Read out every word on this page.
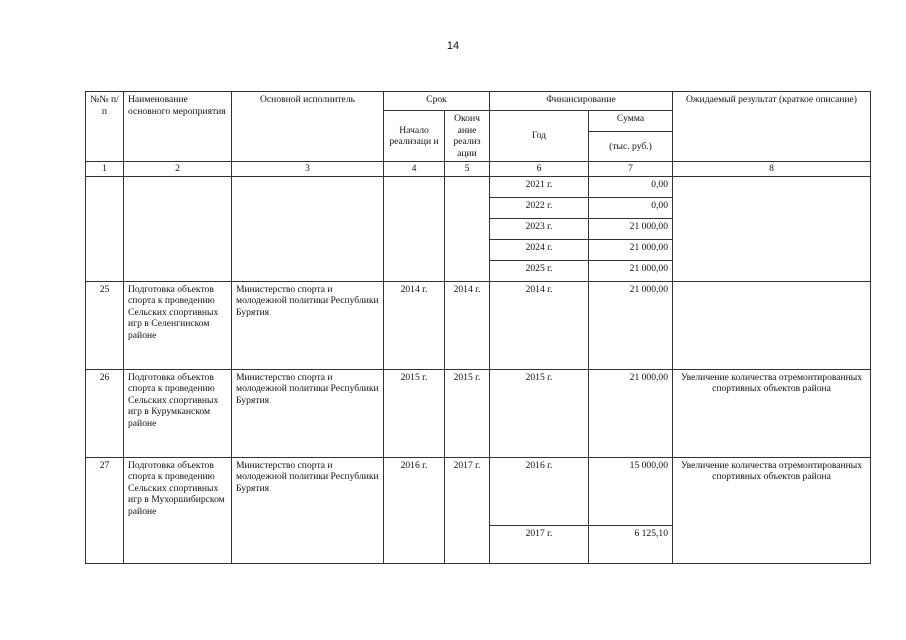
14
№№ п/п	Наименование основного мероприятия	Основной исполнитель	Срок		Финансирование		Ожидаемый результат (краткое описание)
			Начало реализаци и	Оконч ание реализ ации	Год	Сумма	
						(тыс. руб.)	
1	2	3	4	5	6	7	8
					2021 г.	0,00	
					2022 г.	0,00	
					2023 г.	21 000,00	
					2024 г.	21 000,00	
					2025 г.	21 000,00	
25	Подготовка объектов спорта к проведению Сельских спортивных игр в Селенгинском районе	Министерство спорта и молодежной политики Республики Бурятия	2014 г.	2014 г.	2014 г.	21 000,00	
26	Подготовка объектов спорта к проведению Сельских спортивных игр в Курумканском районе	Министерство спорта и молодежной политики Республики Бурятия	2015 г.	2015 г.	2015 г.	21 000,00	Увеличение количества отремонтированных спортивных объектов района
27	Подготовка объектов спорта к проведению Сельских спортивных игр в Мухоршибирском районе	Министерство спорта и молодежной политики Республики Бурятия	2016 г.	2017 г.	2016 г.	15 000,00	Увеличение количества отремонтированных спортивных объектов района
					2017 г.	6 125,10	
